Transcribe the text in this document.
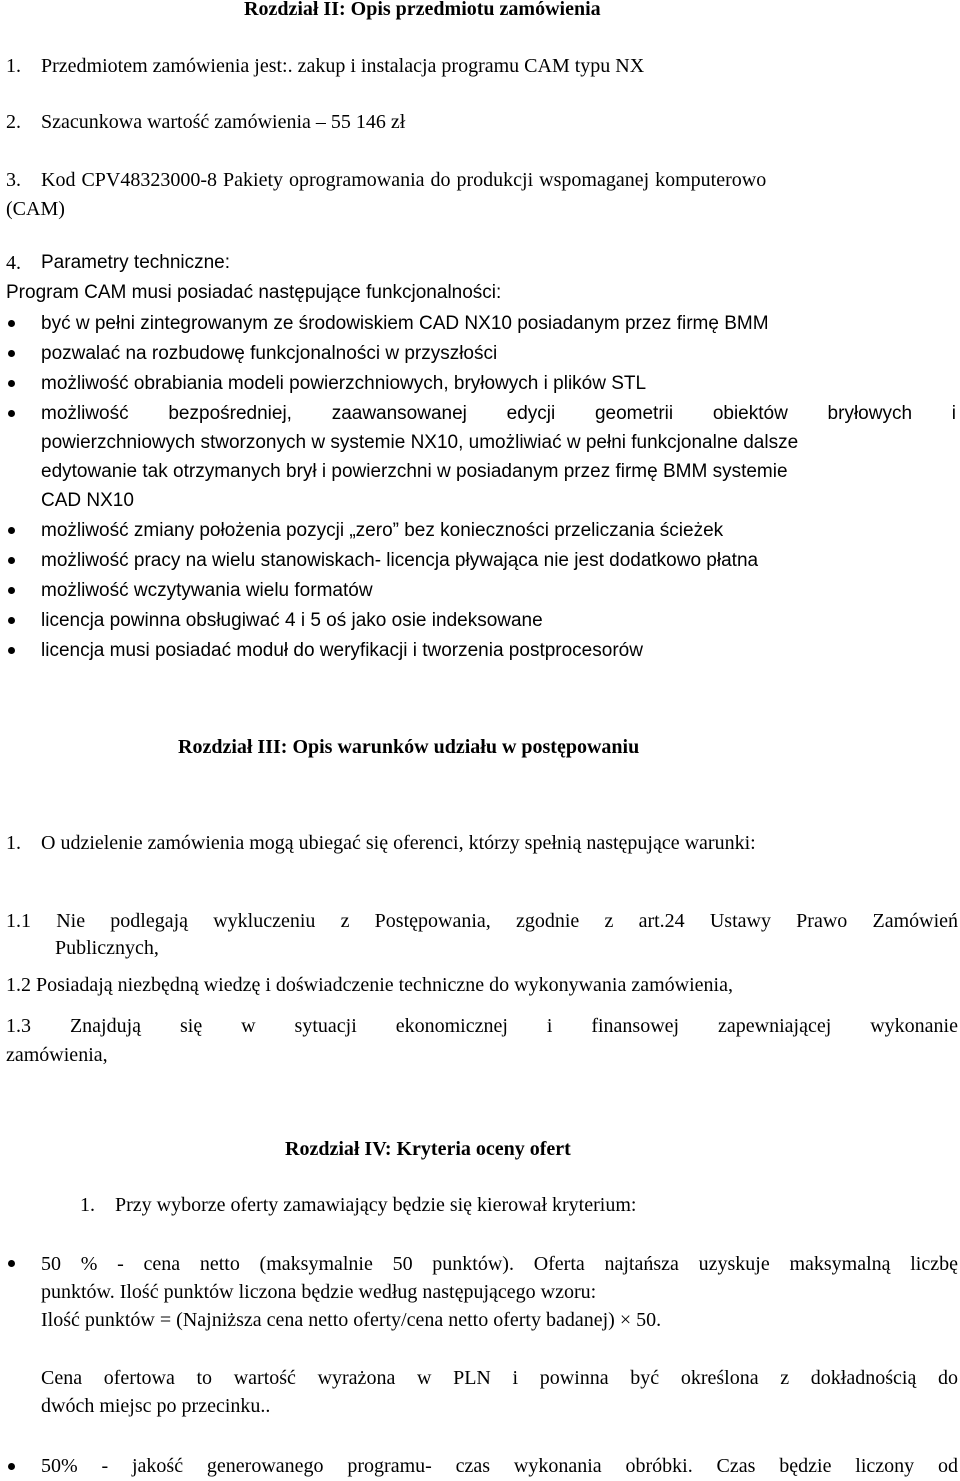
Rozdział II: Opis przedmiotu zamówienia
1. Przedmiotem zamówienia jest:. zakup i instalacja programu CAM typu NX
2. Szacunkowa wartość zamówienia – 55 146 zł
3. Kod CPV48323000-8 Pakiety oprogramowania do produkcji wspomaganej komputerowo
(CAM)
4. Parametry techniczne:
Program CAM musi posiadać następujące funkcjonalności:
być w pełni zintegrowanym ze środowiskiem CAD NX10 posiadanym przez firmę BMM
pozwalać na rozbudowę funkcjonalności w przyszłości
możliwość obrabiania modeli powierzchniowych, bryłowych i plików STL
możliwość bezpośredniej, zaawansowanej edycji geometrii obiektów bryłowych i
powierzchniowych stworzonych w systemie NX10, umożliwiać w pełni funkcjonalne dalsze
edytowanie tak otrzymanych brył i powierzchni w posiadanym przez firmę BMM systemie
CAD NX10
możliwość zmiany położenia pozycji „zero” bez konieczności przeliczania ścieżek
możliwość pracy na wielu stanowiskach- licencja pływająca nie jest dodatkowo płatna
możliwość wczytywania wielu formatów
licencja powinna obsługiwać 4 i 5 oś jako osie indeksowane
licencja musi posiadać moduł do weryfikacji i tworzenia postprocesorów
Rozdział III: Opis warunków udziału w postępowaniu
1. O udzielenie zamówienia mogą ubiegać się oferenci, którzy spełnią następujące warunki:
1.1 Nie podlegają wykluczeniu z Postępowania, zgodnie z art.24 Ustawy Prawo Zamówień
Publicznych,
1.2 Posiadają niezbędną wiedzę i doświadczenie techniczne do wykonywania zamówienia,
1.3 Znajdują się w sytuacji ekonomicznej i finansowej zapewniającej wykonanie
zamówienia,
Rozdział IV: Kryteria oceny ofert
1. Przy wyborze oferty zamawiający będzie się kierował kryterium:
50 % - cena netto (maksymalnie 50 punktów). Oferta najtańsza uzyskuje maksymalną liczbę
punktów. Ilość punktów liczona będzie według następującego wzoru:
Ilość punktów = (Najniższa cena netto oferty/cena netto oferty badanej) × 50.
Cena ofertowa to wartość wyrażona w PLN i powinna być określona z dokładnością do
dwóch miejsc po przecinku..
50% - jakość generowanego programu- czas wykonania obróbki. Czas będzie liczony od
